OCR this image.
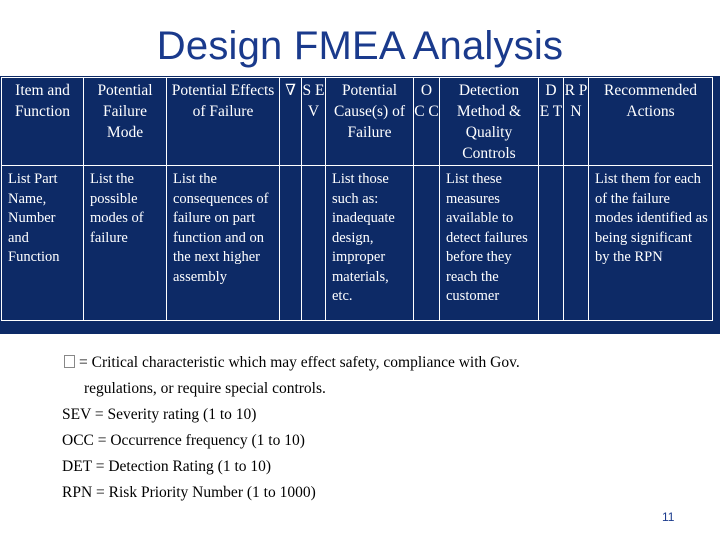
Design FMEA Analysis
Item and Function	Potential Failure Mode	Potential Effects of Failure	∇	S E V	Potential Cause(s) of Failure	O C C	Detection Method & Quality Controls	D E T	R P N	Recommended Actions
List Part Name, Number and Function	List the possible modes of failure	List the consequences of failure on part function and on the next higher assembly			List those such as: inadequate design, improper materials, etc.		List these measures available to detect failures before they reach the customer			List them for each of the failure modes identified as being significant by the RPN
= Critical characteristic which may effect safety, compliance with Gov.
regulations, or require special controls.
SEV = Severity rating (1 to 10)
OCC = Occurrence frequency (1 to 10)
DET = Detection Rating (1 to 10)
RPN = Risk Priority Number (1 to 1000)
11
